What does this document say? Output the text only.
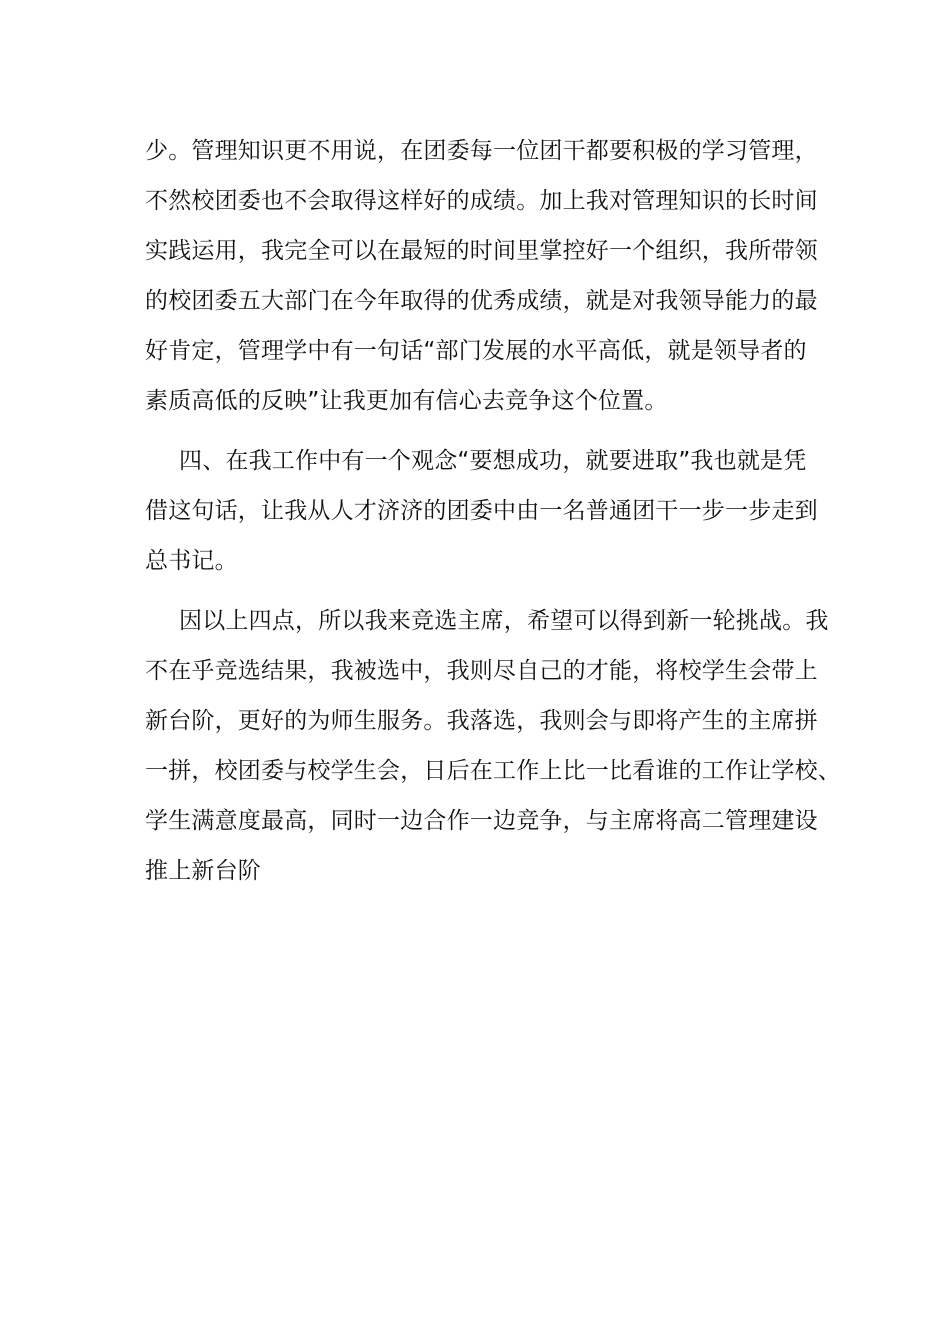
少。管理知识更不用说，在团委每一位团干都要积极的学习管理，
不然校团委也不会取得这样好的成绩。加上我对管理知识的长时间
实践运用，我完全可以在最短的时间里掌控好一个组织，我所带领
的校团委五大部门在今年取得的优秀成绩，就是对我领导能力的最
好肯定，管理学中有一句话“部门发展的水平高低，就是领导者的
素质高低的反映”让我更加有信心去竞争这个位置。

四、在我工作中有一个观念“要想成功，就要进取”我也就是凭
借这句话，让我从人才济济的团委中由一名普通团干一步一步走到
总书记。

因以上四点，所以我来竞选主席，希望可以得到新一轮挑战。我
不在乎竞选结果，我被选中，我则尽自己的才能，将校学生会带上
新台阶，更好的为师生服务。我落选，我则会与即将产生的主席拼
一拼，校团委与校学生会，日后在工作上比一比看谁的工作让学校、
学生满意度最高，同时一边合作一边竞争，与主席将高二管理建设
推上新台阶
